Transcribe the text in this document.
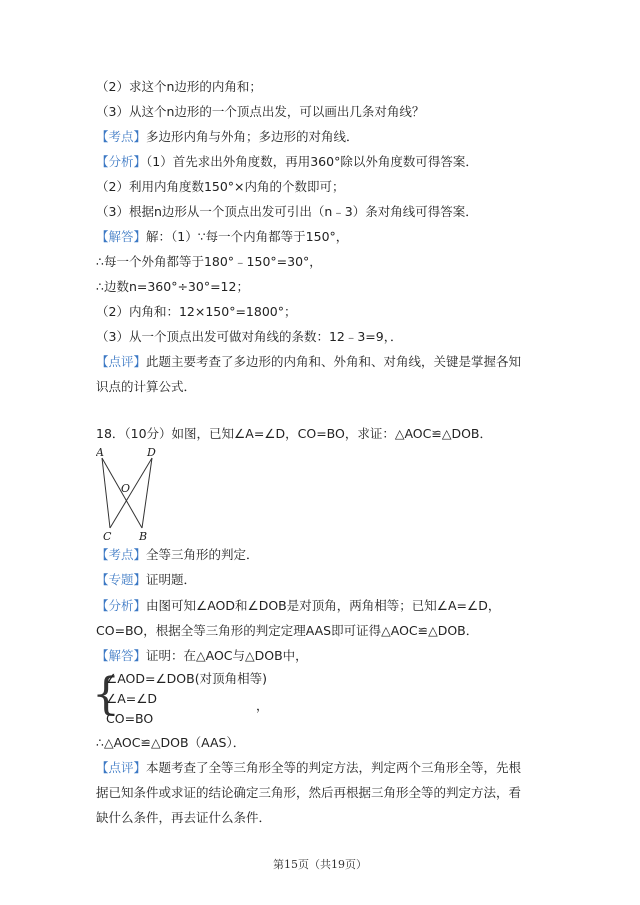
（2）求这个n边形的内角和；
（3）从这个n边形的一个顶点出发，可以画出几条对角线？
【考点】多边形内角与外角；多边形的对角线．
【分析】（1）首先求出外角度数，再用360°除以外角度数可得答案．
（2）利用内角度数150°×内角的个数即可；
（3）根据n边形从一个顶点出发可引出（n﹣3）条对角线可得答案．
【解答】解：（1）∵每一个内角都等于150°，
∴每一个外角都等于180°﹣150°=30°，
∴边数n=360°÷30°=12；
（2）内角和：12×150°=1800°；
（3）从一个顶点出发可做对角线的条数：12﹣3=9，．
【点评】此题主要考查了多边形的内角和、外角和、对角线，关键是掌握各知
识点的计算公式．
18．（10分）如图，已知∠A=∠D，CO=BO，求证：△AOC≌△DOB．
A	D
O
C	B
【考点】全等三角形的判定．
【专题】证明题．
【分析】由图可知∠AOD和∠DOB是对顶角，两角相等；已知∠A=∠D，
CO=BO，根据全等三角形的判定定理AAS即可证得△AOC≌△DOB．
【解答】证明：在△AOC与△DOB中，
{
∠AOD=∠DOB(对顶角相等)
∠A=∠D
CO=BO
，
∴△AOC≌△DOB（AAS）．
【点评】本题考查了全等三角形全等的判定方法，判定两个三角形全等，先根
据已知条件或求证的结论确定三角形，然后再根据三角形全等的判定方法，看
缺什么条件，再去证什么条件．
第15页（共19页）
